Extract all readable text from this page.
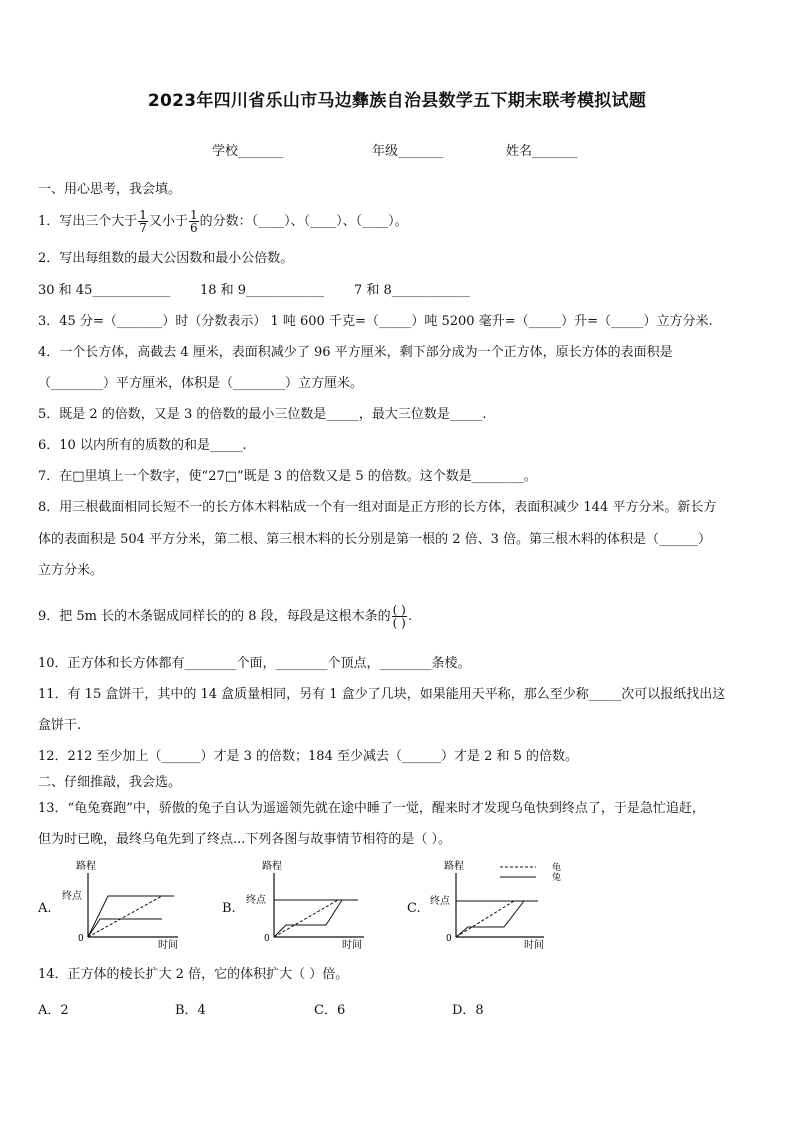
2023年四川省乐山市马边彝族自治县数学五下期末联考模拟试题
学校_______	年级_______	姓名_______
一、用心思考，我会填。
1．写出三个大于 $\frac{1}{7}$ 又小于 $\frac{1}{6}$ 的分数：（____）、（____）、（____）。
2．写出每组数的最大公因数和最小公倍数。
30 和 45____________	18 和 9____________	7 和 8____________
3．45 分=（_______）时（分数表示） 1 吨 600 千克=（_____）吨 5200 毫升=（_____）升=（_____）立方分米.
4．一个长方体，高截去 4 厘米，表面积减少了 96 平方厘米，剩下部分成为一个正方体，原长方体的表面积是
（________）平方厘米，体积是（________）立方厘米。
5．既是 2 的倍数，又是 3 的倍数的最小三位数是_____，最大三位数是_____.
6．10 以内所有的质数的和是_____.
7．在□里填上一个数字，使“27□”既是 3 的倍数又是 5 的倍数。这个数是________。
8．用三根截面相同长短不一的长方体木料粘成一个有一组对面是正方形的长方体，表面积减少 144 平方分米。新长方
体的表面积是 504 平方分米，第二根、第三根木料的长分别是第一根的 2 倍、3 倍。第三根木料的体积是（______）
立方分米。
9．把 5m 长的木条锯成同样长的的 8 段，每段是这根木条的 $\frac{( )}{( )}$ .
10．正方体和长方体都有________个面，________个顶点，________条棱。
11．有 15 盒饼干，其中的 14 盒质量相同，另有 1 盒少了几块，如果能用天平称，那么至少称_____次可以报纸找出这
盒饼干.
12．212 至少加上（______）才是 3 的倍数；184 至少减去（______）才是 2 和 5 的倍数。
二、仔细推敲，我会选。
13．“龟兔赛跑”中，骄傲的兔子自认为遥遥领先就在途中睡了一觉，醒来时才发现乌龟快到终点了，于是急忙追赶，
但为时已晚，最终乌龟先到了终点...下列各图与故事情节相符的是（ ）。
A.
路程
终点
0
时间
B.
路程
终点
0
时间
C.
路程
终点
0
时间
龟
兔
14．正方体的棱长扩大 2 倍，它的体积扩大（ ）倍。
A．2	B．4	C．6	D．8
